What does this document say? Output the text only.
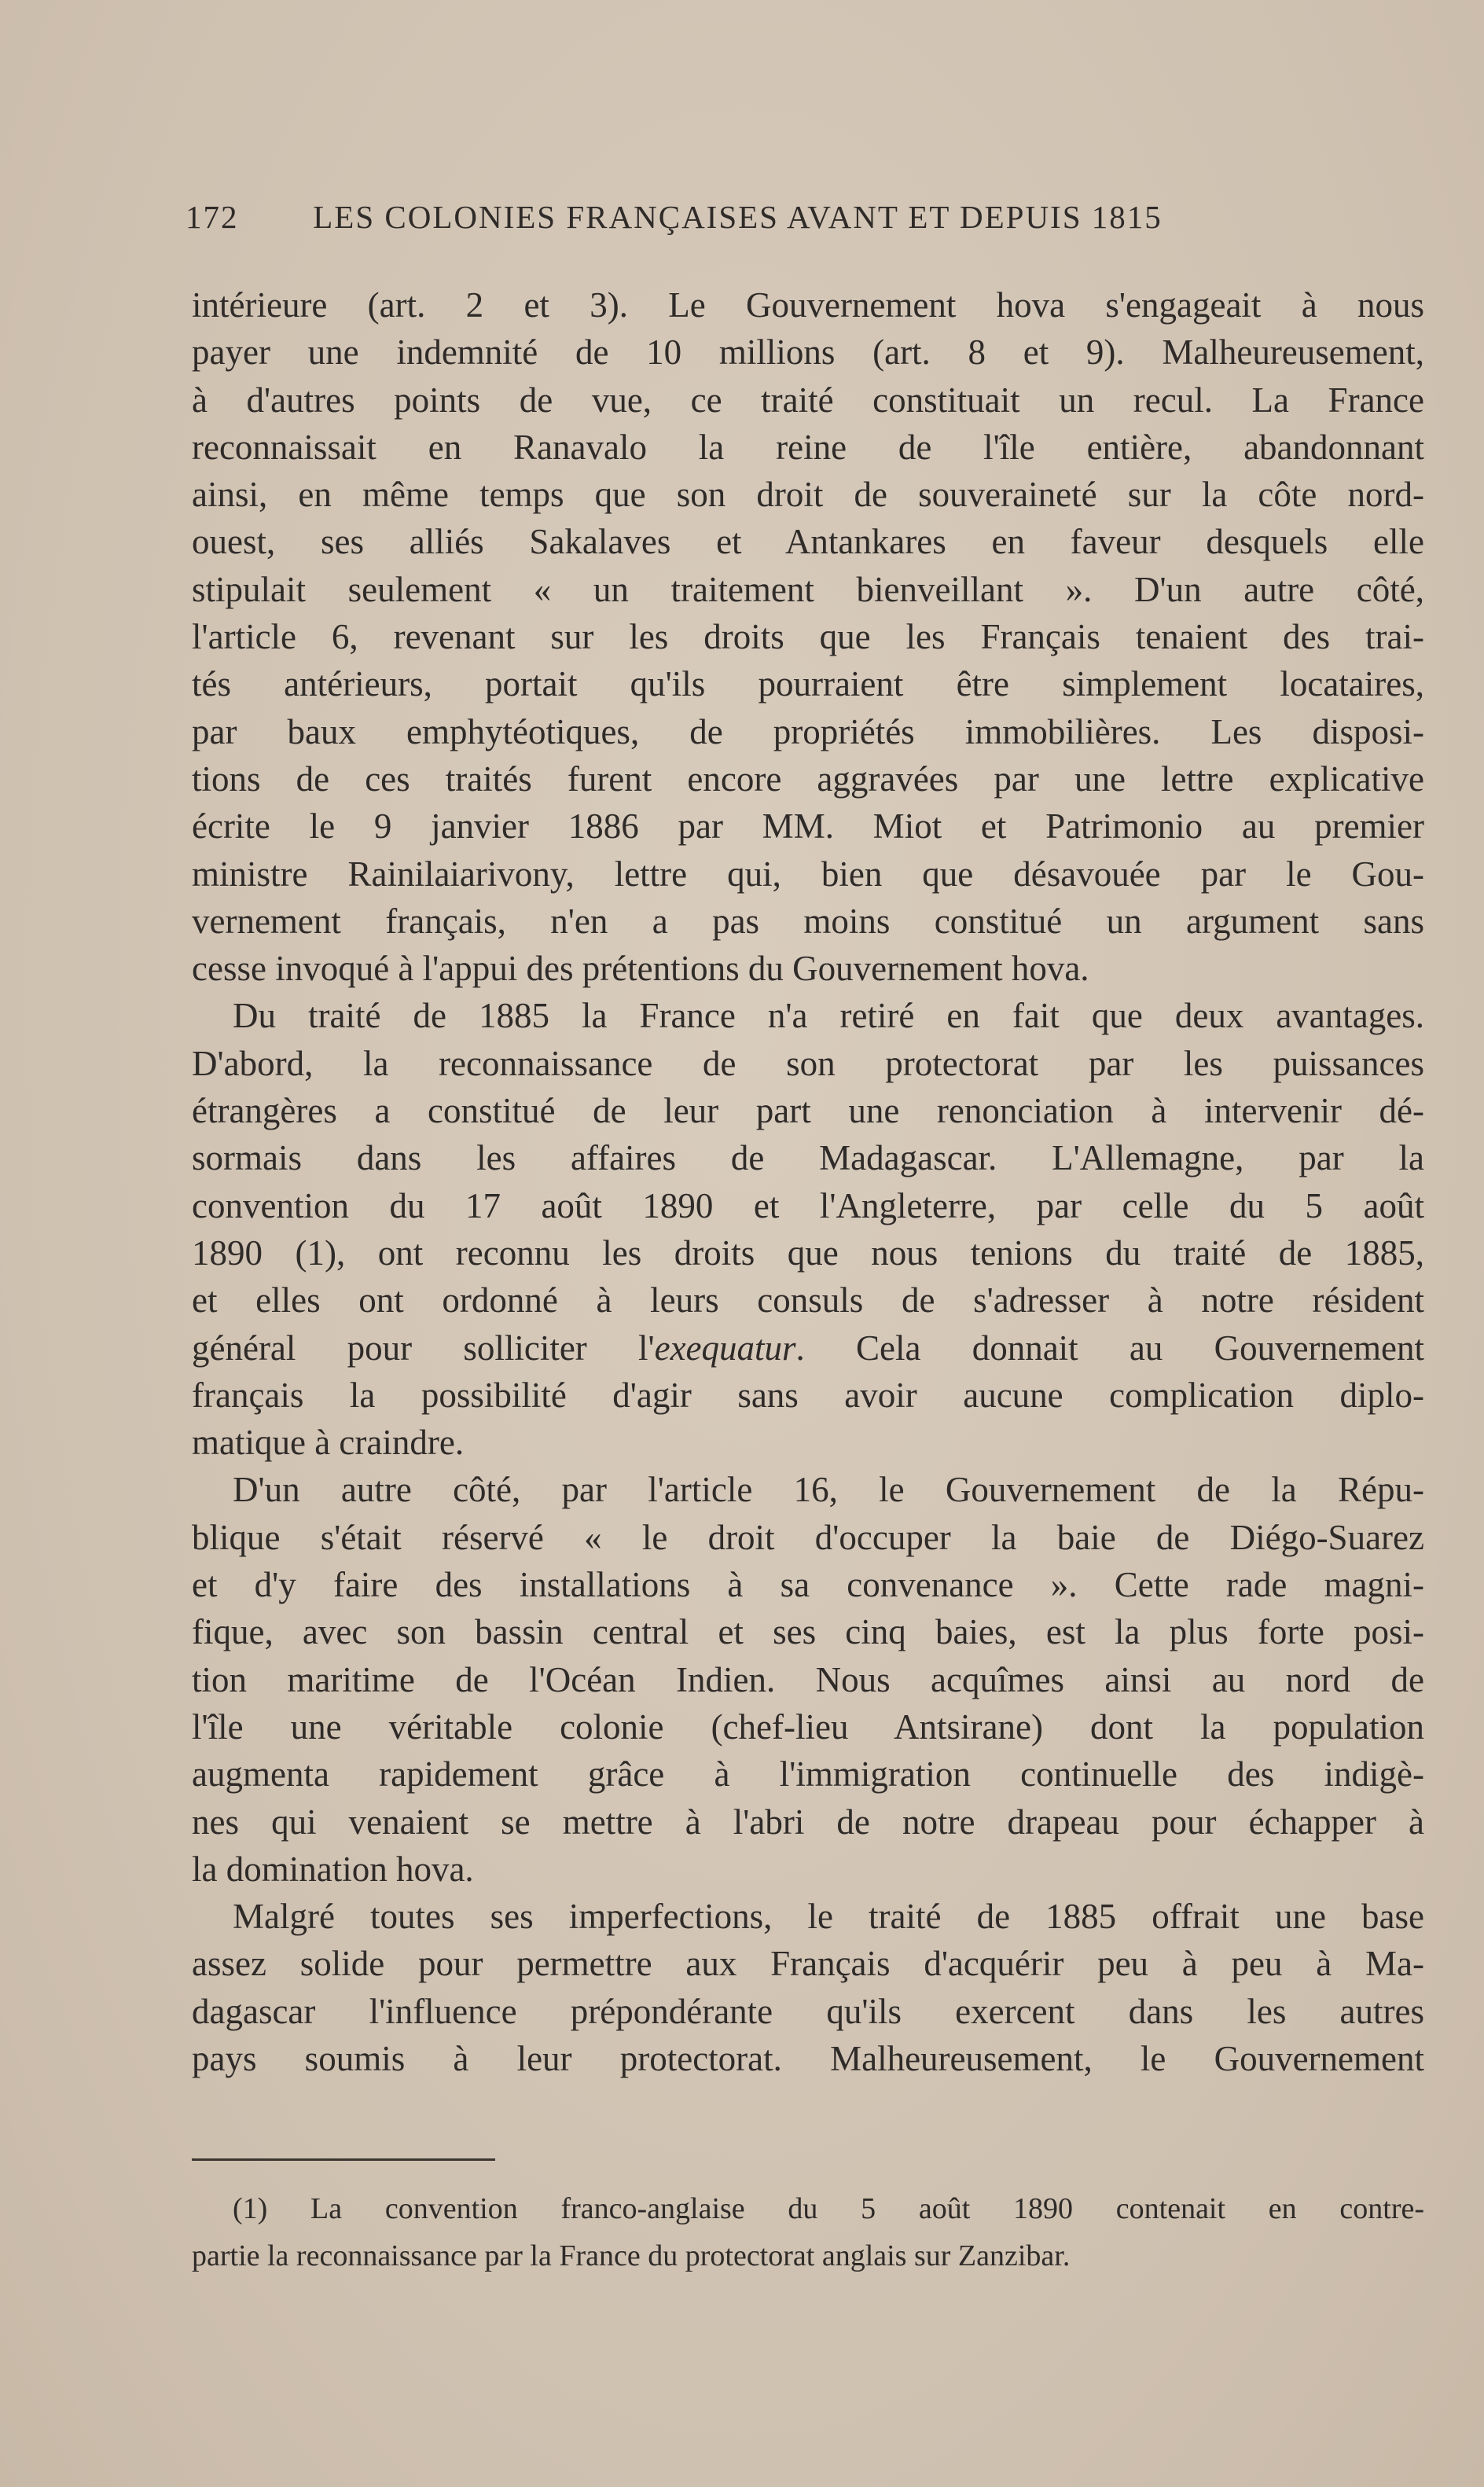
172 LES COLONIES FRANÇAISES AVANT ET DEPUIS 1815
intérieure (art. 2 et 3). Le Gouvernement hova s'engageait à nous
payer une indemnité de 10 millions (art. 8 et 9). Malheureusement,
à d'autres points de vue, ce traité constituait un recul. La France
reconnaissait en Ranavalo la reine de l'île entière, abandonnant
ainsi, en même temps que son droit de souveraineté sur la côte nord-
ouest, ses alliés Sakalaves et Antankares en faveur desquels elle
stipulait seulement « un traitement bienveillant ». D'un autre côté,
l'article 6, revenant sur les droits que les Français tenaient des trai-
tés antérieurs, portait qu'ils pourraient être simplement locataires,
par baux emphytéotiques, de propriétés immobilières. Les disposi-
tions de ces traités furent encore aggravées par une lettre explicative
écrite le 9 janvier 1886 par MM. Miot et Patrimonio au premier
ministre Rainilaiarivony, lettre qui, bien que désavouée par le Gou-
vernement français, n'en a pas moins constitué un argument sans
cesse invoqué à l'appui des prétentions du Gouvernement hova.
Du traité de 1885 la France n'a retiré en fait que deux avantages.
D'abord, la reconnaissance de son protectorat par les puissances
étrangères a constitué de leur part une renonciation à intervenir dé-
sormais dans les affaires de Madagascar. L'Allemagne, par la
convention du 17 août 1890 et l'Angleterre, par celle du 5 août
1890 (1), ont reconnu les droits que nous tenions du traité de 1885,
et elles ont ordonné à leurs consuls de s'adresser à notre résident
général pour solliciter l'exequatur. Cela donnait au Gouvernement
français la possibilité d'agir sans avoir aucune complication diplo-
matique à craindre.
D'un autre côté, par l'article 16, le Gouvernement de la Répu-
blique s'était réservé « le droit d'occuper la baie de Diégo-Suarez
et d'y faire des installations à sa convenance ». Cette rade magni-
fique, avec son bassin central et ses cinq baies, est la plus forte posi-
tion maritime de l'Océan Indien. Nous acquîmes ainsi au nord de
l'île une véritable colonie (chef-lieu Antsirane) dont la population
augmenta rapidement grâce à l'immigration continuelle des indigè-
nes qui venaient se mettre à l'abri de notre drapeau pour échapper à
la domination hova.
Malgré toutes ses imperfections, le traité de 1885 offrait une base
assez solide pour permettre aux Français d'acquérir peu à peu à Ma-
dagascar l'influence prépondérante qu'ils exercent dans les autres
pays soumis à leur protectorat. Malheureusement, le Gouvernement
(1) La convention franco-anglaise du 5 août 1890 contenait en contre-
partie la reconnaissance par la France du protectorat anglais sur Zanzibar.
